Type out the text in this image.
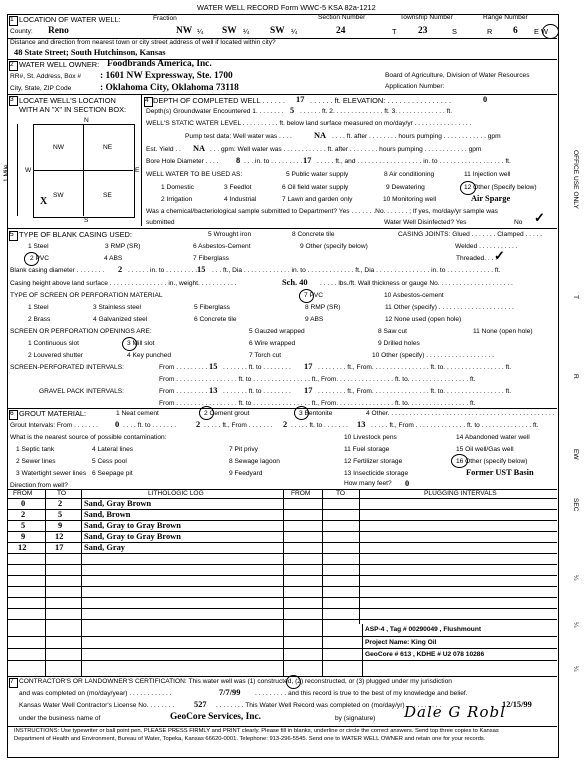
WATER WELL RECORD Form WWC-5 KSA 82a-1212
1 LOCATION OF WATER WELL:	Fraction	Section Number	Township Number	Range Number
County: Reno	NW ¼ SW ¼ SW ¼	24	T 23	S	R 6 E W
Distance and direction from nearest town or city street address of well if located within city?
48 State Street; South Hutchinson, Kansas
2 WATER WELL OWNER: Foodbrands America, Inc.
RR#, St. Address, Box # : 1601 NW Expressway, Ste. 1700
City, State, ZIP Code	: Oklahoma City, Oklahoma 73118
Board of Agriculture, Division of Water Resources
Application Number:
3 LOCATE WELL'S LOCATION
WITH AN "X" IN SECTION BOX:
N
S
E
W
NW	NE
SW	SE
X
1 Mile
4 DEPTH OF COMPLETED WELL . . . . . . 17 . . . . . . ft. ELEVATION: . . . . . . . . . . . . . . . .	0
Depth(s) Groundwater Encountered 1. . . . . . . . 5 . . . . . . ft. 2. . . . . . . . . . . . . . ft. 3. . . . . . . . . . . . . . ft.
WELL'S STATIC WATER LEVEL . . . . . . . . . . ft. below land surface measured on mo/day/yr . . . . . . . . . . . . . . . .
Pump test data: Well water was . . . .	NA . . . . ft. after . . . . . . . . hours pumping . . . . . . . . . . . . gpm
Est. Yield . . NA . . . gpm: Well water was . . . . . . . . . . . . ft. after . . . . . . . . hours pumping . . . . . . . . . . . . gpm
Bore Hole Diameter . . . . 8 . . . in. to . . . . . . . . . 17 . . . . . ft., and . . . . . . . . . . . . . . . . . . in. to . . . . . . . . . . . . . . . . . . ft.
WELL WATER TO BE USED AS:	5 Public water supply	8 Air conditioning	11 Injection well
1 Domestic	3 Feedlot	6 Oil field water supply	9 Dewatering	12 Other (Specify below)
2 Irrigation	4 Industrial	7 Lawn and garden only	10 Monitoring well	Air Sparge
Was a chemical/bacteriological sample submitted to Department? Yes . . . . . . .No. . . . . . . ; If yes, mo/day/yr sample was
submitted	Water Well Disinfected? Yes	No ✓
5 TYPE OF BLANK CASING USED:	5 Wrought iron	8 Concrete tile	CASING JOINTS: Glued . . . . . . . Clamped . . . . .
1 Steel	3 RMP (SR)	6 Asbestos-Cement	9 Other (specify below)	Welded . . . . . . . . . . .
2 PVC	4 ABS	7 Fiberglass	Threaded. . . .
✓
Blank casing diameter . . . . . . . . 2 . . . . . . in. to . . . . . . . . . 15 . . . ft., Dia . . . . . . . . . . . . . in. to . . . . . . . . . . . . . ft., Dia . . . . . . . . . . . . . . . in. to . . . . . . . . . . . . . ft.
Casing height above land surface . . . . . . . . . . . . . . . . in., weight. . . . . . . . . . .	Sch. 40 . . . . . lbs./ft. Wall thickness or gauge No. . . . . . . . . . . . . . . . . . . . .
TYPE OF SCREEN OR PERFORATION MATERIAL	7 PVC	10 Asbestos-cement
1 Steel	3 Stainless steel	5 Fiberglass	8 RMP (SR)	11 Other (specify) . . . . . . . . . . . . . . . . . . . . .
2 Brass	4 Galvanized steel	6 Concrete tile	9 ABS	12 None used (open hole)
SCREEN OR PERFORATION OPENINGS ARE:	5 Gauzed wrapped	8 Saw cut	11 None (open hole)
1 Continuous slot	3 Mill slot	6 Wire wrapped	9 Drilled holes
2 Louvered shutter	4 Key punched	7 Torch cut	10 Other (specify) . . . . . . . . . . . . . . . . . . .
SCREEN-PERFORATED INTERVALS:	From . . . . . . . . . 15 . . . . . . . ft. to . . . . . . . . 17 . . . . . . . . ft., From. . . . . . . . . . . . . . . . ft. to. . . . . . . . . . . . . . . . . ft.
From . . . . . . . . . . . . . . . . . ft. to . . . . . . . . . . . . . . . . ft., From. . . . . . . . . . . . . . . . ft. to. . . . . . . . . . . . . . . . . ft.
GRAVEL PACK INTERVALS:	From . . . . . . . . . 13 . . . . . . . ft. to . . . . . . . . 17 . . . . . . . . ft., From. . . . . . . . . . . . . . . . ft. to. . . . . . . . . . . . . . . . . ft.
From . . . . . . . . . . . . . . . . . ft. to . . . . . . . . . . . . . . . . ft., From. . . . . . . . . . . . . . . . ft. to. . . . . . . . . . . . . . . . . ft.
6 GROUT MATERIAL:	1 Neat cement	2 Cement grout	3 Bentonite	4 Other. . . . . . . . . . . . . . . . . . . . . . . . . . . . . . . . . . . . . . . . . . . . . .
Grout Intervals: From . . . . . . . 0 . . . . ft. to . . . . . . . 2 . . . . . ft., From . . . . . . . 2 . . . . . ft. to . . . . . . . 13 . . . . . ft., From . . . . . . . . . . . . . . ft. to . . . . . . . . . . . . . . ft.
What is the nearest source of possible contamination:	10 Livestock pens	14 Abandoned water well
1 Septic tank	4 Lateral lines	7 Pit privy	11 Fuel storage	15 Oil well/Gas well
2 Sewer lines	5 Cess pool	8 Sewage lagoon	12 Fertilizer storage	16 Other (specify below)
3 Watertight sewer lines 6 Seepage pit	9 Feedyard	13 Insecticide storage	Former UST Basin
Direction from well?	How many feet? 0
FROM	TO	LITHOLOGIC LOG	FROM	TO	PLUGGING INTERVALS
0	2	Sand, Gray Brown
2	5	Sand, Brown
5	9	Sand, Gray to Gray Brown
9	12 Sand, Gray to Gray Brown
12	17 Sand, Gray
ASP-4 , Tag # 00290049 , Flushmount
Project Name: King Oil
GeoCore # 613 , KDHE # U2 078 10286
7 CONTRACTOR'S OR LANDOWNER'S CERTIFICATION: This water well was (1) constructed, (2) reconstructed, or (3) plugged under my jurisdiction
and was completed on (mo/day/year) . . . . . . . . . . . .	7/7/99 . . . . . . . . . and this record is true to the best of my knowledge and belief.
Kansas Water Well Contractor's License No. . . . . . . . 527 . . . . . . . . This Water Well Record was completed on (mo/day/yr) . . . . . . . . . .	12/15/99
under the business name of	GeoCore Services, Inc.	by (signature) Dale G Robl
INSTRUCTIONS: Use typewriter or ball point pen. PLEASE PRESS FIRMLY and PRINT clearly. Please fill in blanks, underline or circle the correct answers. Send top three copies to Kansas
Department of Health and Environment, Bureau of Water, Topeka, Kansas 66620-0001. Telephone: 913-296-5545. Send one to WATER WELL OWNER and retain one for your records.
OFFICE USE ONLY
T
R
EW
SEC
¼
¼
¼
